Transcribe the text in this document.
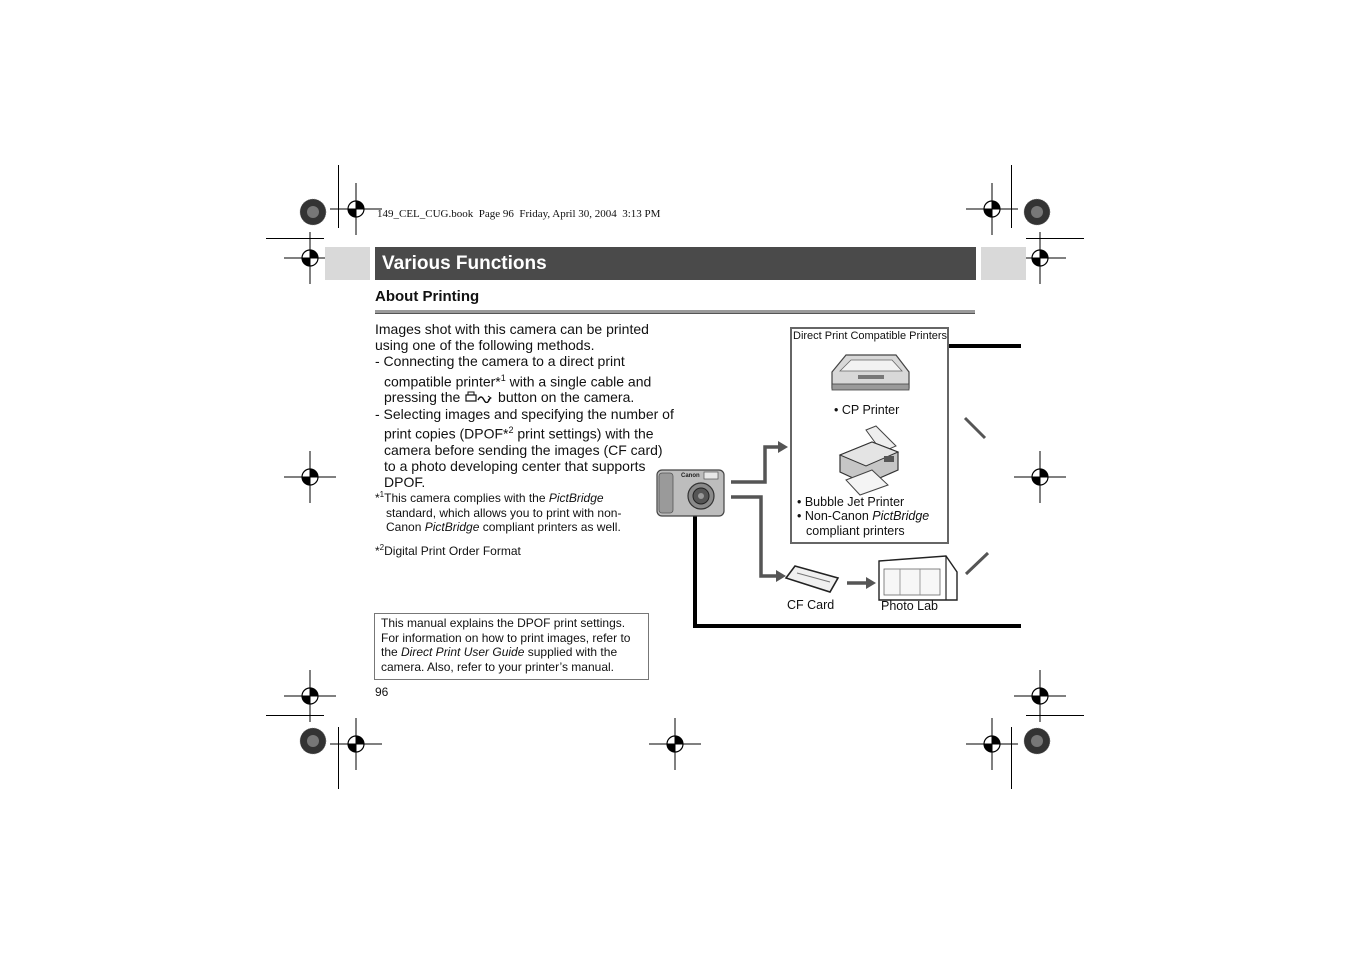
149_CEL_CUG.book  Page 96  Friday, April 30, 2004  3:13 PM
Various Functions
About Printing

Images shot with this camera can be printed using one of the following methods.

- Connecting the camera to a direct print compatible printer*$^1$ with a single cable and pressing the  button on the camera.

- Selecting images and specifying the number of print copies (DPOF*$^2$ print settings) with the camera before sending the images (CF card) to a photo developing center that supports DPOF.

*$^1$This camera complies with the PictBridge standard, which allows you to print with non-Canon PictBridge compliant printers as well.

*$^2$Digital Print Order Format

This manual explains the DPOF print settings. For information on how to print images, refer to the Direct Print User Guide supplied with the camera. Also, refer to your printer’s manual.
96
Direct Print Compatible Printers
• CP Printer
• Bubble Jet Printer
• Non-Canon PictBridge
compliant printers
CF Card	Photo Lab
Canon
